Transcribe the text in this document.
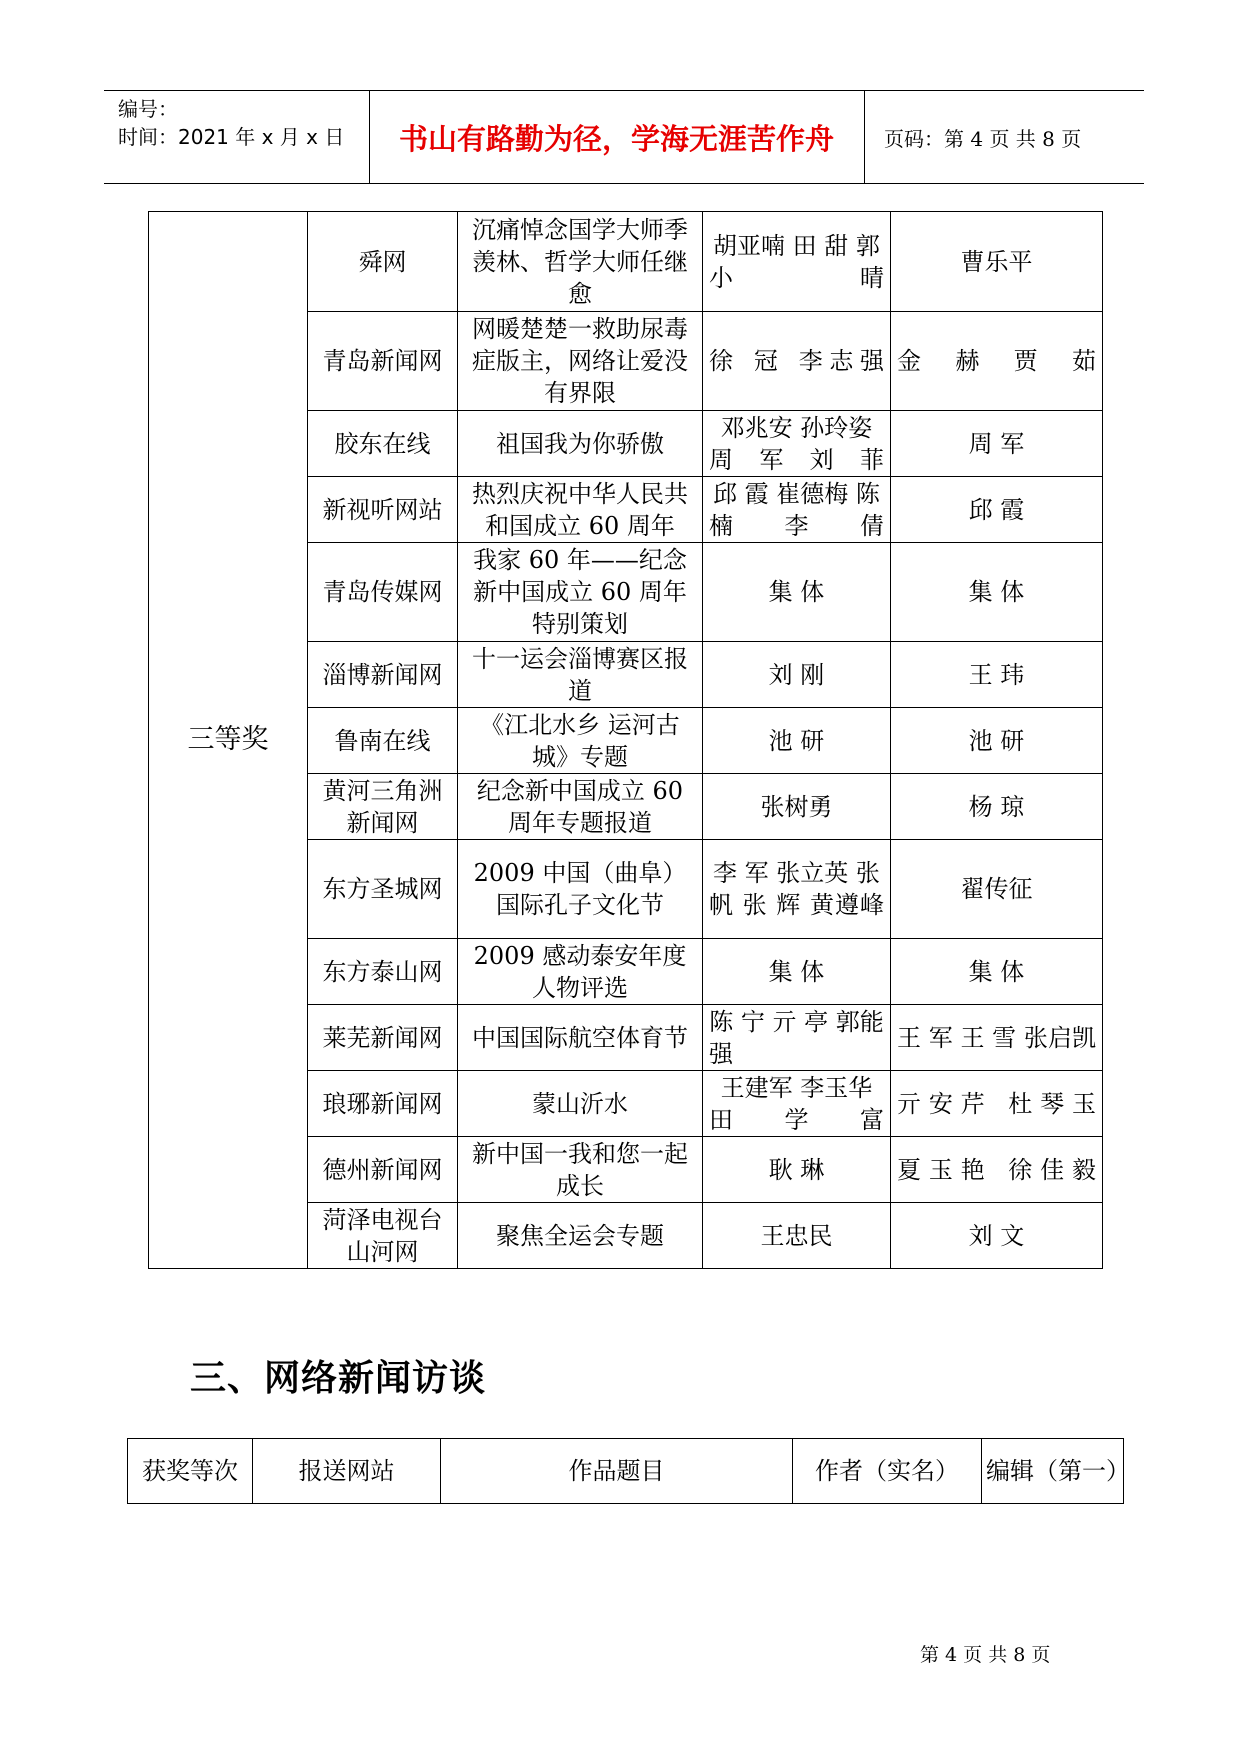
编号：
时间：2021 年 x 月 x 日	书山有路勤为径，学海无涯苦作舟	页码：第 4 页 共 8 页
三等奖	舜网	沉痛悼念国学大师季羡林、哲学大师任继愈	胡亚喃 田 甜 郭小晴	曹乐平
	青岛新闻网	网暖楚楚一救助尿毒症版主，网络让爱没有界限	徐 冠 李志强	金 赫 贾 茹
	胶东在线	祖国我为你骄傲	邓兆安 孙玲姿 周 军 刘 菲	周 军
	新视听网站	热烈庆祝中华人民共和国成立 60 周年	邱 霞 崔德梅 陈 楠 李 倩	邱 霞
	青岛传媒网	我家 60 年——纪念新中国成立 60 周年特别策划	集 体	集 体
	淄博新闻网	十一运会淄博赛区报道	刘 刚	王 玮
	鲁南在线	《江北水乡 运河古城》专题	池 研	池 研
	黄河三角洲新闻网	纪念新中国成立 60 周年专题报道	张树勇	杨 琼
	东方圣城网	2009 中国（曲阜）国际孔子文化节	李 军 张立英 张 帆 张 辉 黄遵峰	翟传征
	东方泰山网	2009 感动泰安年度人物评选	集 体	集 体
	莱芜新闻网	中国国际航空体育节	陈 宁 亓 亭 郭能强	王 军 王 雪 张启凯
	琅琊新闻网	蒙山沂水	王建军 李玉华 田学富	亓安芹 杜琴玉
	德州新闻网	新中国一我和您一起成长	耿 琳	夏玉艳 徐佳毅
	菏泽电视台山河网	聚焦全运会专题	王忠民	刘 文
三、网络新闻访谈
获奖等次	报送网站	作品题目	作者（实名）	编辑（第一）
第 4 页 共 8 页
